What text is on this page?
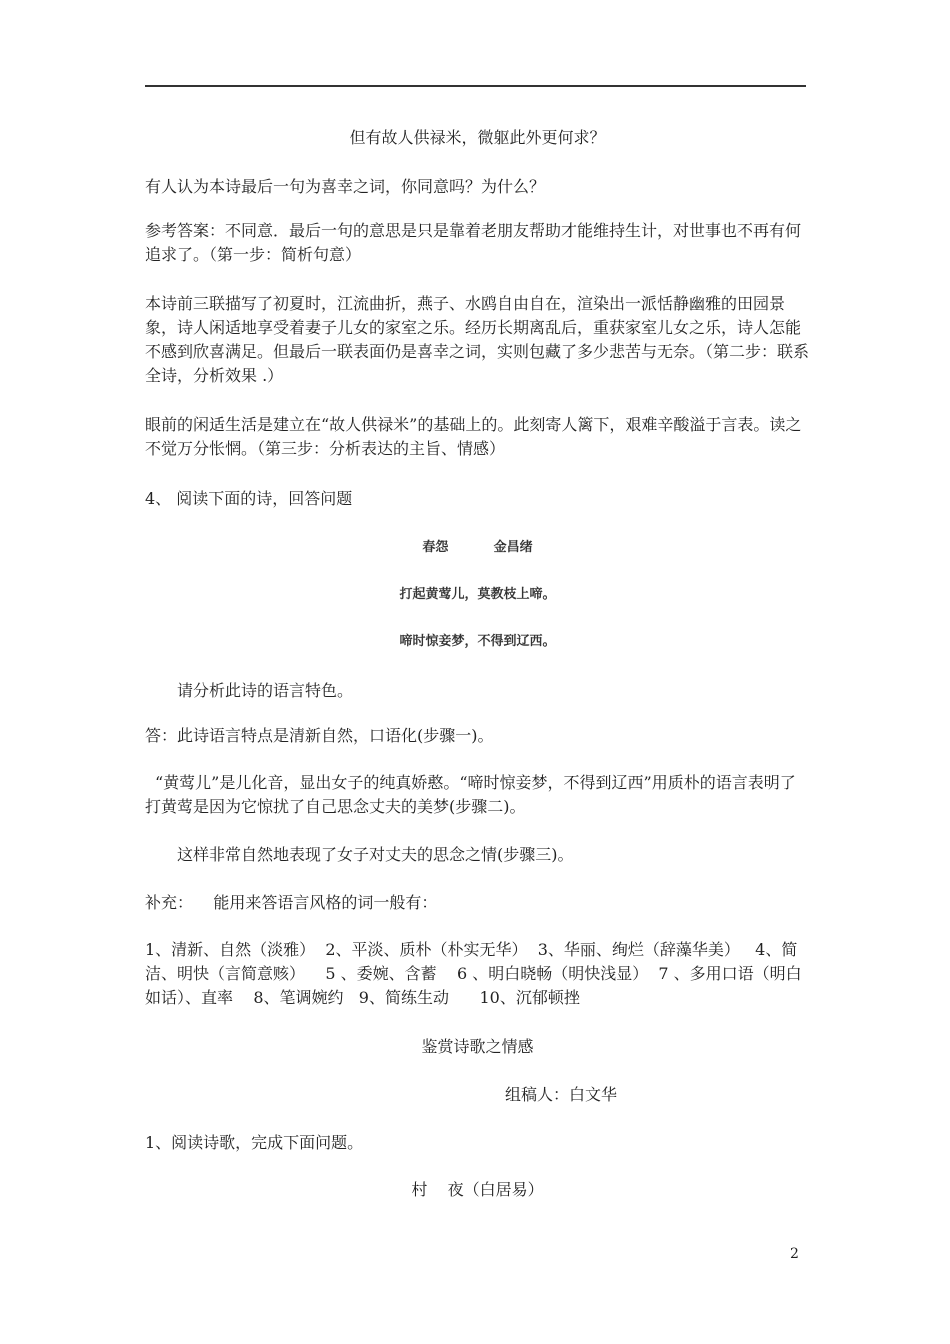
但有故人供禄米，微躯此外更何求？

有人认为本诗最后一句为喜幸之词，你同意吗？为什么？

参考答案：不同意．最后一句的意思是只是靠着老朋友帮助才能维持生计，对世事也不再有何追求了。（第一步：简析句意）

本诗前三联描写了初夏时，江流曲折，燕子、水鸥自由自在，渲染出一派恬静幽雅的田园景象，诗人闲适地享受着妻子儿女的家室之乐。经历长期离乱后，重获家室儿女之乐，诗人怎能不感到欣喜满足。但最后一联表面仍是喜幸之词，实则包藏了多少悲苦与无奈。（第二步：联系全诗，分析效果 .）

眼前的闲适生活是建立在“故人供禄米”的基础上的。此刻寄人篱下，艰难辛酸溢于言表。读之不觉万分怅惘。（第三步：分析表达的主旨、情感）

4、 阅读下面的诗，回答问题

春怨          金昌绪

打起黄莺儿，莫教枝上啼。

啼时惊妾梦，不得到辽西。

请分析此诗的语言特色。

答：此诗语言特点是清新自然，口语化(步骤一)。

“黄莺儿”是儿化音，显出女子的纯真娇憨。“啼时惊妾梦，不得到辽西”用质朴的语言表明了打黄莺是因为它惊扰了自己思念丈夫的美梦(步骤二)。

这样非常自然地表现了女子对丈夫的思念之情(步骤三)。

补充：    能用来答语言风格的词一般有：

1、清新、自然（淡雅）  2、平淡、质朴（朴实无华）  3、华丽、绚烂（辞藻华美）   4、简洁、明快（言简意赅）    5 、委婉、含蓄    6 、明白晓畅（明快浅显）  7 、多用口语（明白如话）、直率    8、笔调婉约   9、简练生动      10、沉郁顿挫

鉴赏诗歌之情感

组稿人：白文华

1、阅读诗歌，完成下面问题。

村    夜（白居易）

2
